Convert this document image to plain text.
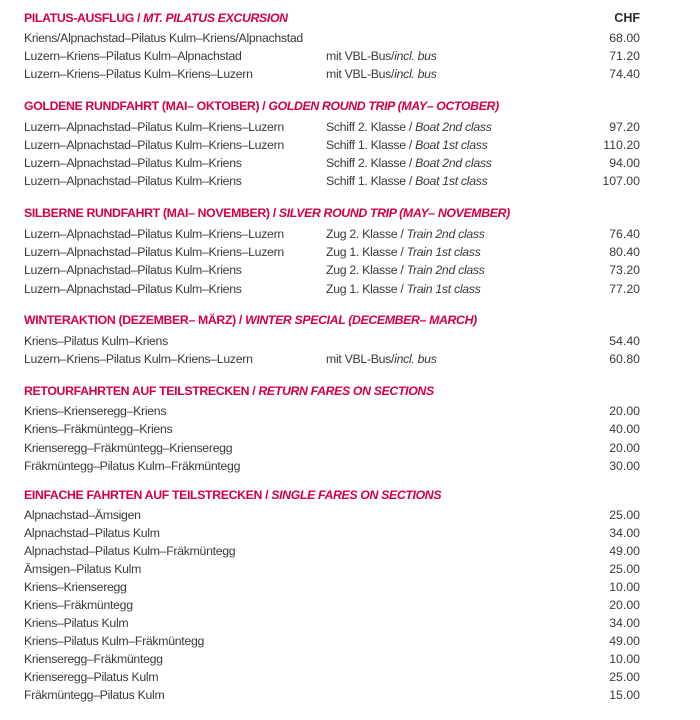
PILATUS-AUSFLUG / MT. PILATUS EXCURSION	CHF
Kriens/Alpnachstad–Pilatus Kulm–Kriens/Alpnachstad	68.00
Luzern–Kriens–Pilatus Kulm–Alpnachstad	mit VBL-Bus/incl. bus	71.20
Luzern–Kriens–Pilatus Kulm–Kriens–Luzern	mit VBL-Bus/incl. bus	74.40
GOLDENE RUNDFAHRT (MAI– OKTOBER) / GOLDEN ROUND TRIP (MAY– OCTOBER)
Luzern–Alpnachstad–Pilatus Kulm–Kriens–Luzern	Schiff 2. Klasse / Boat 2nd class	97.20
Luzern–Alpnachstad–Pilatus Kulm–Kriens–Luzern	Schiff 1. Klasse / Boat 1st class	110.20
Luzern–Alpnachstad–Pilatus Kulm–Kriens	Schiff 2. Klasse / Boat 2nd class	94.00
Luzern–Alpnachstad–Pilatus Kulm–Kriens	Schiff 1. Klasse / Boat 1st class	107.00
SILBERNE RUNDFAHRT (MAI– NOVEMBER) / SILVER ROUND TRIP (MAY– NOVEMBER)
Luzern–Alpnachstad–Pilatus Kulm–Kriens–Luzern	Zug 2. Klasse / Train 2nd class	76.40
Luzern–Alpnachstad–Pilatus Kulm–Kriens–Luzern	Zug 1. Klasse / Train 1st class	80.40
Luzern–Alpnachstad–Pilatus Kulm–Kriens	Zug 2. Klasse / Train 2nd class	73.20
Luzern–Alpnachstad–Pilatus Kulm–Kriens	Zug 1. Klasse / Train 1st class	77.20
WINTERAKTION (DEZEMBER– MÄRZ) / WINTER SPECIAL (DECEMBER– MARCH)
Kriens–Pilatus Kulm–Kriens	54.40
Luzern–Kriens–Pilatus Kulm–Kriens–Luzern	mit VBL-Bus/incl. bus	60.80
RETOURFAHRTEN AUF TEILSTRECKEN / RETURN FARES ON SECTIONS
Kriens–Krienseregg–Kriens	20.00
Kriens–Fräkmüntegg–Kriens	40.00
Krienseregg–Fräkmüntegg–Krienseregg	20.00
Fräkmüntegg–Pilatus Kulm–Fräkmüntegg	30.00
EINFACHE FAHRTEN AUF TEILSTRECKEN / SINGLE FARES ON SECTIONS
Alpnachstad–Ämsigen	25.00
Alpnachstad–Pilatus Kulm	34.00
Alpnachstad–Pilatus Kulm–Fräkmüntegg	49.00
Ämsigen–Pilatus Kulm	25.00
Kriens–Krienseregg	10.00
Kriens–Fräkmüntegg	20.00
Kriens–Pilatus Kulm	34.00
Kriens–Pilatus Kulm–Fräkmüntegg	49.00
Krienseregg–Fräkmüntegg	10.00
Krienseregg–Pilatus Kulm	25.00
Fräkmüntegg–Pilatus Kulm	15.00
